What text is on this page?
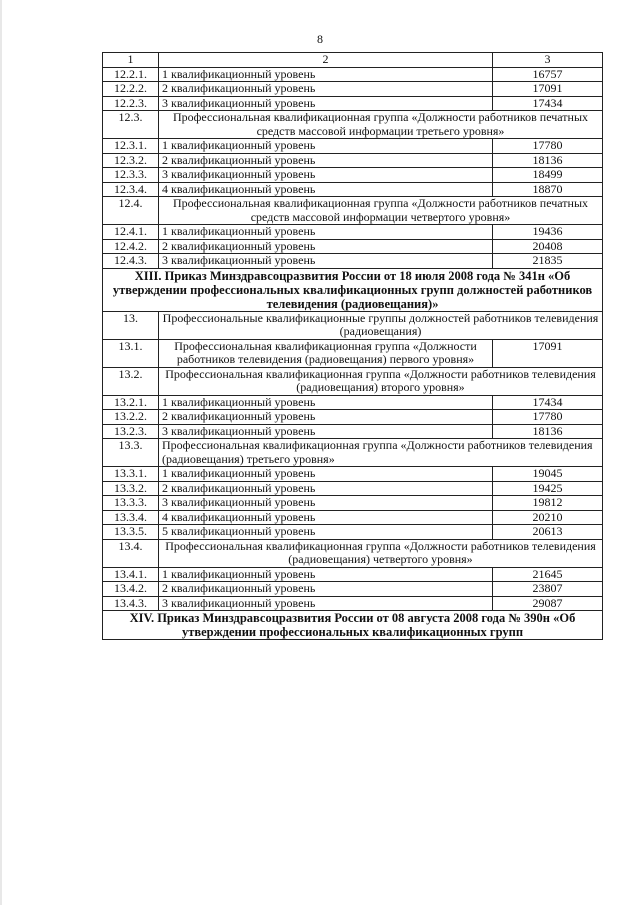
8
1	2	3
12.2.1.	1 квалификационный уровень	16757
12.2.2.	2 квалификационный уровень	17091
12.2.3.	3 квалификационный уровень	17434
12.3.	Профессиональная квалификационная группа «Должности работников печатных средств массовой информации третьего уровня»	
12.3.1.	1 квалификационный уровень	17780
12.3.2.	2 квалификационный уровень	18136
12.3.3.	3 квалификационный уровень	18499
12.3.4.	4 квалификационный уровень	18870
12.4.	Профессиональная квалификационная группа «Должности работников печатных средств массовой информации четвертого уровня»	
12.4.1.	1 квалификационный уровень	19436
12.4.2.	2 квалификационный уровень	20408
12.4.3.	3 квалификационный уровень	21835
XIII. Приказ Минздравсоцразвития России от 18 июля 2008 года № 341н «Об утверждении профессиональных квалификационных групп должностей работников телевидения (радиовещания)»		
13.	Профессиональные квалификационные группы должностей работников телевидения (радиовещания)	
13.1.	Профессиональная квалификационная группа «Должности работников телевидения (радиовещания) первого уровня»	17091
13.2.	Профессиональная квалификационная группа «Должности работников телевидения (радиовещания) второго уровня»	
13.2.1.	1 квалификационный уровень	17434
13.2.2.	2 квалификационный уровень	17780
13.2.3.	3 квалификационный уровень	18136
13.3.	Профессиональная квалификационная группа «Должности работников телевидения (радиовещания) третьего уровня»	
13.3.1.	1 квалификационный уровень	19045
13.3.2.	2 квалификационный уровень	19425
13.3.3.	3 квалификационный уровень	19812
13.3.4.	4 квалификационный уровень	20210
13.3.5.	5 квалификационный уровень	20613
13.4.	Профессиональная квалификационная группа «Должности работников телевидения (радиовещания) четвертого уровня»	
13.4.1.	1 квалификационный уровень	21645
13.4.2.	2 квалификационный уровень	23807
13.4.3.	3 квалификационный уровень	29087
XIV. Приказ Минздравсоцразвития России от 08 августа 2008 года № 390н «Об утверждении профессиональных квалификационных групп		
